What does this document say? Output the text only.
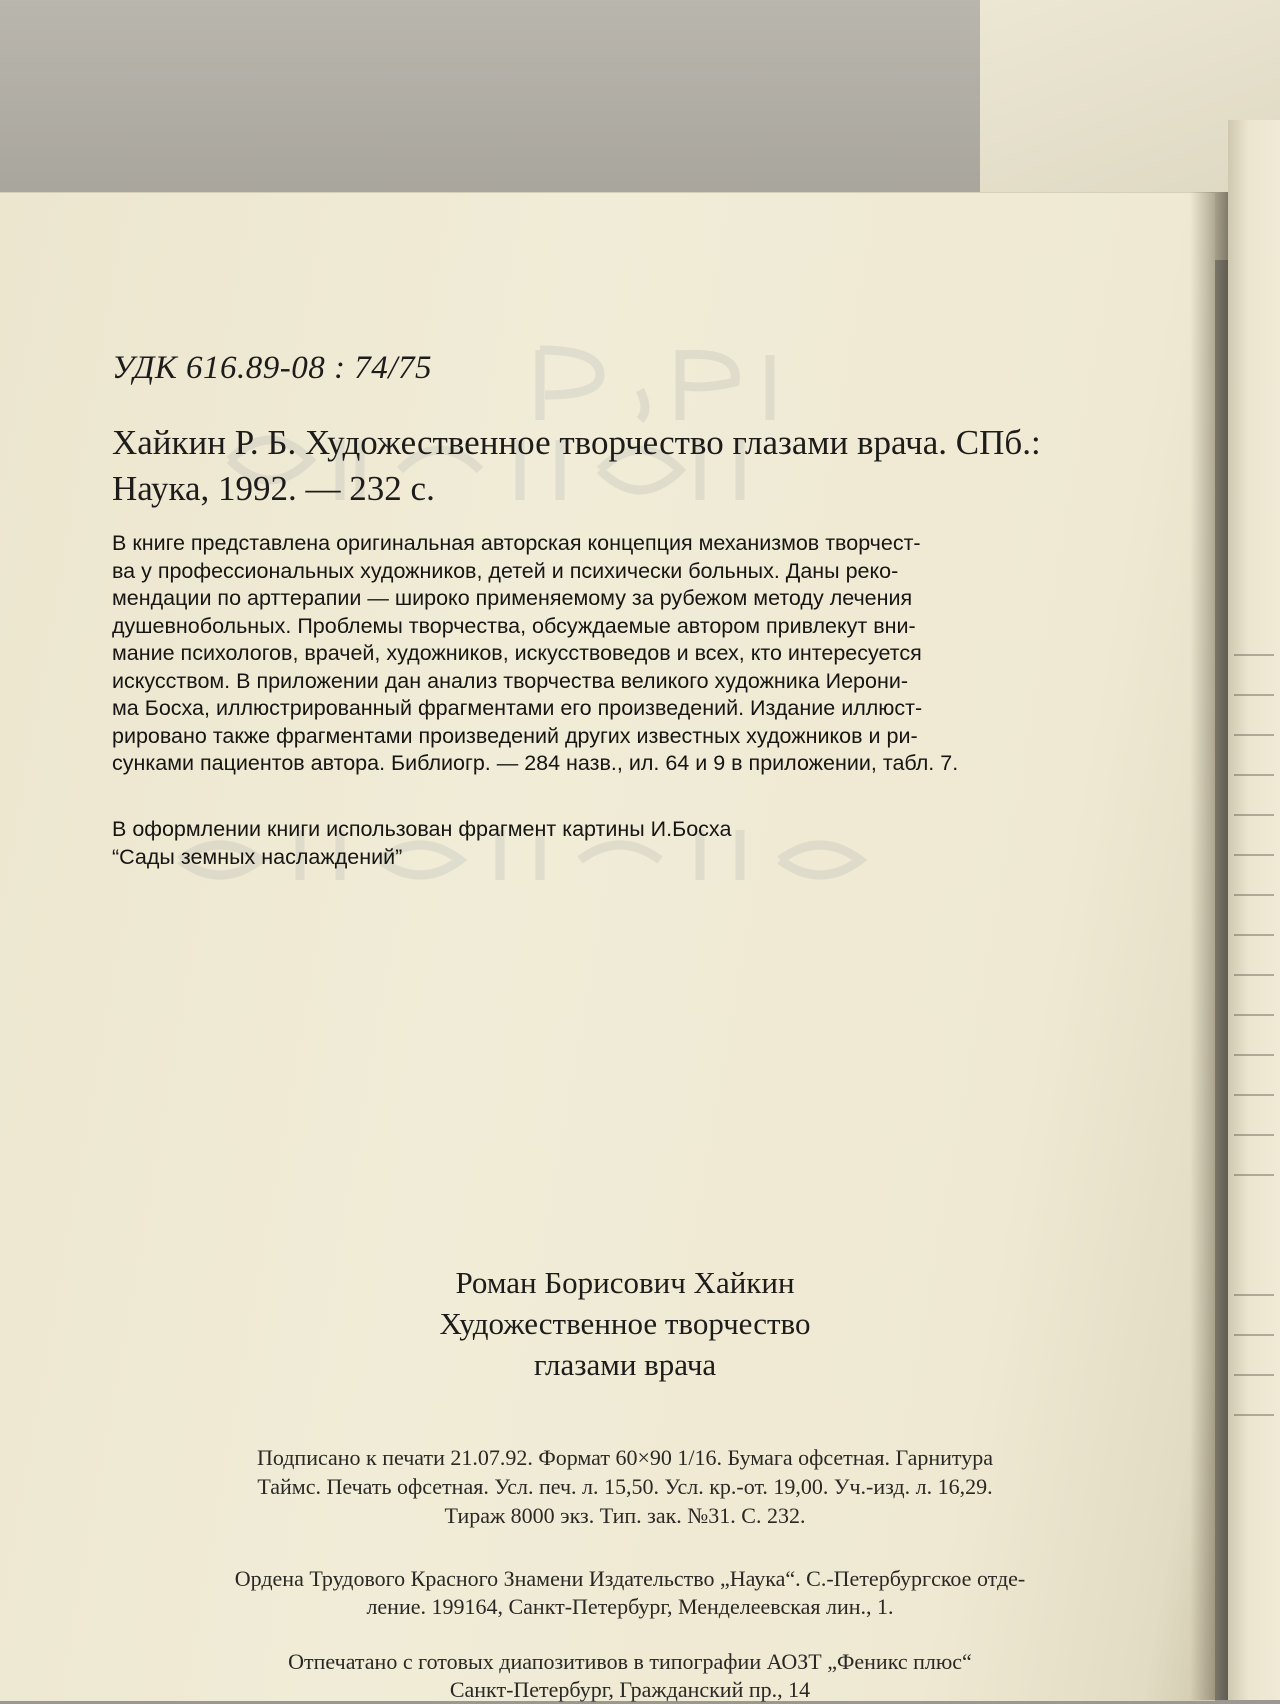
УДК 616.89-08 : 74/75
Хайкин Р. Б. Художественное творчество глазами врача. СПб.:
Наука, 1992. — 232 с.
В книге представлена оригинальная авторская концепция механизмов творчест-
ва у профессиональных художников, детей и психически больных. Даны реко-
мендации по арттерапии — широко применяемому за рубежом методу лечения
душевнобольных. Проблемы творчества, обсуждаемые автором привлекут вни-
мание психологов, врачей, художников, искусствоведов и всех, кто интересуется
искусством. В приложении дан анализ творчества великого художника Иерони-
ма Босха, иллюстрированный фрагментами его произведений. Издание иллюст-
рировано также фрагментами произведений других известных художников и ри-
сунками пациентов автора. Библиогр. — 284 назв., ил. 64 и 9 в приложении, табл. 7.
В оформлении книги использован фрагмент картины И.Босха
“Сады земных наслаждений”
Роман Борисович Хайкин
Художественное творчество
глазами врача
Подписано к печати 21.07.92. Формат 60×90 1/16. Бумага офсетная. Гарнитура
Таймс. Печать офсетная. Усл. печ. л. 15,50. Усл. кр.-от. 19,00. Уч.-изд. л. 16,29.
Тираж 8000 экз. Тип. зак. №31. С. 232.
Ордена Трудового Красного Знамени Издательство „Наука“. С.-Петербургское отде-
ление. 199164, Санкт-Петербург, Менделеевская лин., 1.
Отпечатано с готовых диапозитивов в типографии АОЗТ „Феникс плюс“
Санкт-Петербург, Гражданский пр., 14
